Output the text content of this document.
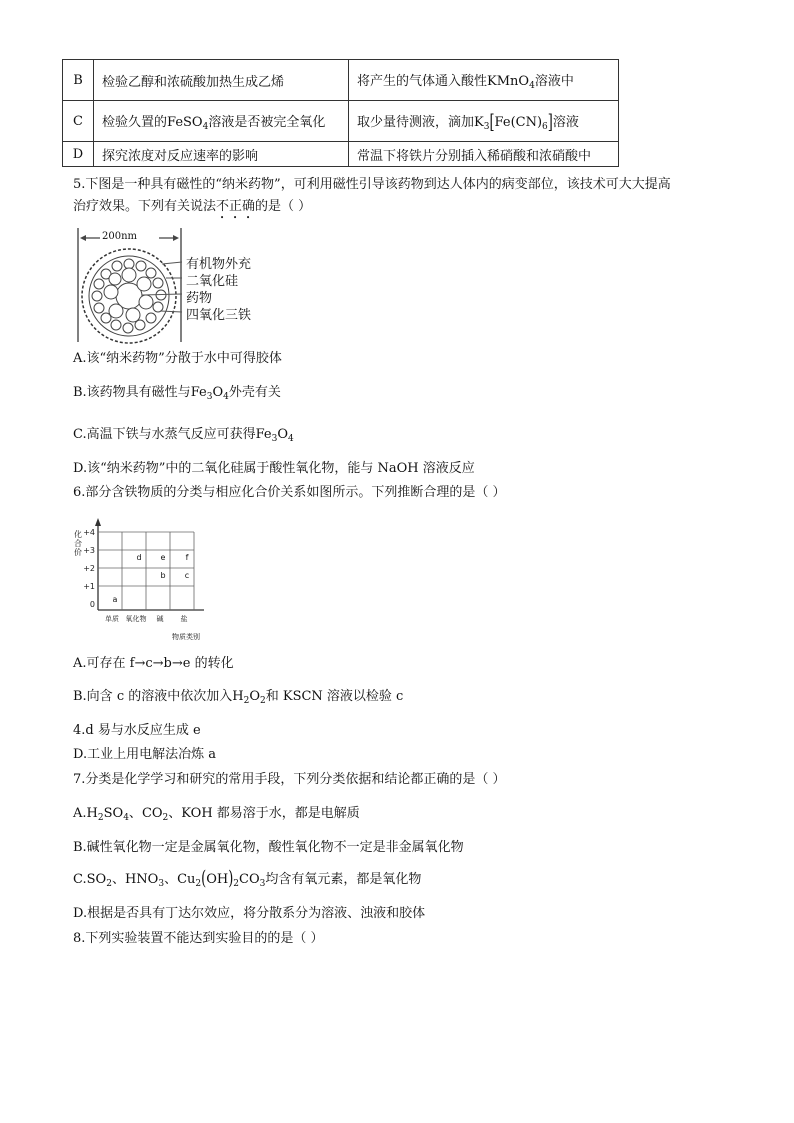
B	检验乙醇和浓硫酸加热生成乙烯	将产生的气体通入酸性KMnO$_4$溶液中
C	检验久置的FeSO$_4$溶液是否被完全氧化	取少量待测液，滴加$K_3[Fe(CN)_6]$溶液
D	探究浓度对反应速率的影响	常温下将铁片分别插入稀硝酸和浓硝酸中
5.下图是一种具有磁性的“纳米药物”，可利用磁性引导该药物到达人体内的病变部位，该技术可大大提高
治疗效果。下列有关说法不正确的是（ ）
200nm
有机物外充
二氧化硅
药物
四氧化三铁
A.该“纳米药物”分散于水中可得胶体
B.该药物具有磁性与$Fe_3O_4$外壳有关
C.高温下铁与水蒸气反应可获得$Fe_3O_4$
D.该“纳米药物”中的二氧化硅属于酸性氧化物，能与 NaOH 溶液反应
6.部分含铁物质的分类与相应化合价关系如图所示。下列推断合理的是（ ）
+4
+3
+2
+1
0
单质 氧化物 碱 盐
a
d e	f
b c
化合价
物质类别
A.可存在 f→c→b→e 的转化
B.向含 c 的溶液中依次加入$H_2O_2$和 KSCN 溶液以检验 c
4.d 易与水反应生成 e
D.工业上用电解法冶炼 a
7.分类是化学学习和研究的常用手段，下列分类依据和结论都正确的是（ ）
$A.H_2SO_4$、$CO_2$、KOH 都易溶于水，都是电解质
B.碱性氧化物一定是金属氧化物，酸性氧化物不一定是非金属氧化物
$C.SO_2$、$HNO_3$、$Cu_2(OH)_2CO_3$均含有氧元素，都是氧化物
D.根据是否具有丁达尔效应，将分散系分为溶液、浊液和胶体
8.下列实验装置不能达到实验目的的是（ ）
